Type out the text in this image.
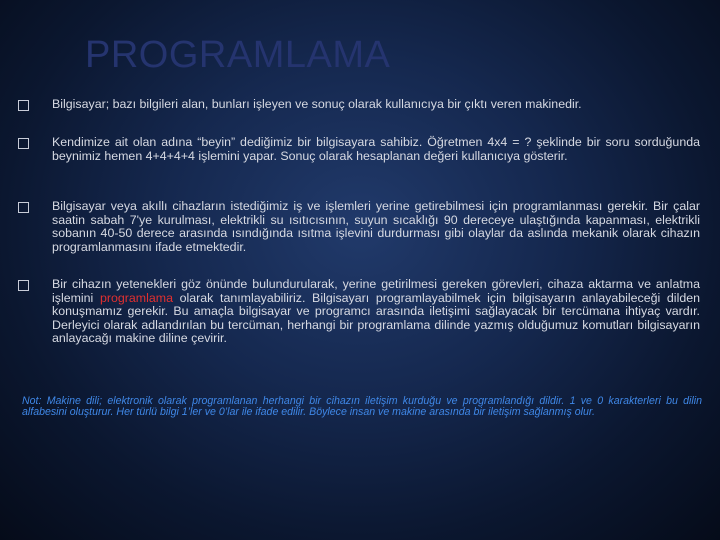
PROGRAMLAMA
Bilgisayar; bazı bilgileri alan, bunları işleyen ve sonuç olarak kullanıcıya bir çıktı veren makinedir.
Kendimize ait olan adına “beyin” dediğimiz bir bilgisayara sahibiz. Öğretmen 4x4 = ? şeklinde bir soru sorduğunda beynimiz hemen 4+4+4+4 işlemini yapar. Sonuç olarak hesaplanan değeri kullanıcıya gösterir.
Bilgisayar veya akıllı cihazların istediğimiz iş ve işlemleri yerine getirebilmesi için programlanması gerekir. Bir çalar saatin sabah 7'ye kurulması, elektrikli su ısıtıcısının, suyun sıcaklığı 90 dereceye ulaştığında kapanması, elektrikli sobanın 40-50 derece arasında ısındığında ısıtma işlevini durdurması gibi olaylar da aslında mekanik olarak cihazın programlanmasını ifade etmektedir.
Bir cihazın yetenekleri göz önünde bulundurularak, yerine getirilmesi gereken görevleri, cihaza aktarma ve anlatma işlemini programlama olarak tanımlayabiliriz. Bilgisayarı programlayabilmek için bilgisayarın anlayabileceği dilden konuşmamız gerekir. Bu amaçla bilgisayar ve programcı arasında iletişimi sağlayacak bir tercümana ihtiyaç vardır. Derleyici olarak adlandırılan bu tercüman, herhangi bir programlama dilinde yazmış olduğumuz komutları bilgisayarın anlayacağı makine diline çevirir.
Not: Makine dili; elektronik olarak programlanan herhangi bir cihazın iletişim kurduğu ve programlandığı dildir. 1 ve 0 karakterleri bu dilin alfabesini oluşturur. Her türlü bilgi 1’ler ve 0’lar ile ifade edilir. Böylece insan ve makine arasında bir iletişim sağlanmış olur.
